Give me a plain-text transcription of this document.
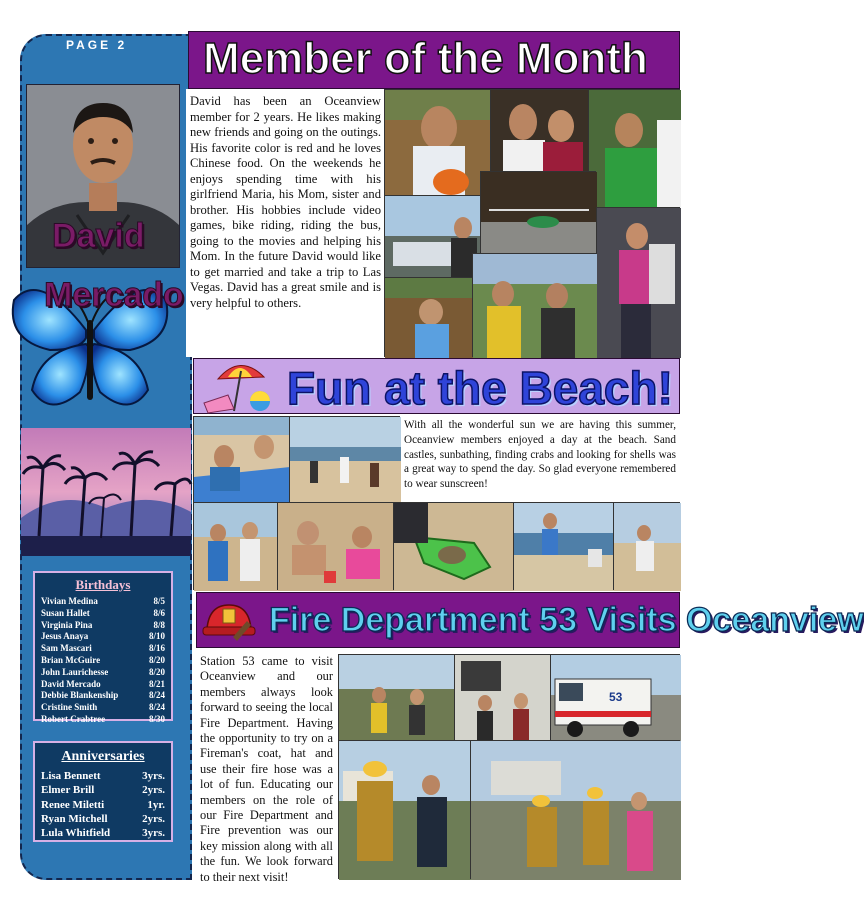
PAGE 2
David
Mercado
Birthdays
Vivian Medina	8/5
Susan Hallet	8/6
Virginia Pina	8/8
Jesus Anaya	8/10
Sam Mascari	8/16
Brian McGuire	8/20
John Laurichesse	8/20
David Mercado	8/21
Debbie Blankenship	8/24
Cristine Smith	8/24
Robert Crabtree	8/30
Anniversaries
Lisa Bennett	3yrs.
Elmer Brill	2yrs.
Renee Miletti	1yr.
Ryan Mitchell	2yrs.
Lula Whitfield	3yrs.
Member of the Month
David has been an Oceanview member for 2 years. He likes making new friends and going on the outings. His favorite color is red and he loves Chinese food. On the weekends he enjoys spending time with his girlfriend Maria, his Mom, sister and brother. His hobbies include video games, bike riding, riding the bus, going to the movies and helping his Mom. In the future David would like to get married and take a trip to Las Vegas. David has a great smile and is very helpful to others.
Fun at the Beach!
With all the wonderful sun we are having this summer, Oceanview members enjoyed a day at the beach. Sand castles, sunbathing, finding crabs and looking for shells was a great way to spend the day. So glad everyone remembered to wear sunscreen!
Fire Department 53 Visits Oceanview
Station 53 came to visit Oceanview and our members always look forward to seeing the local Fire Department. Having the opportunity to try on a Fireman's coat, hat and use their fire hose was a lot of fun. Educating our members on the role of our Fire Department and Fire prevention was our key mission along with all the fun. We look forward to their next visit!
53
